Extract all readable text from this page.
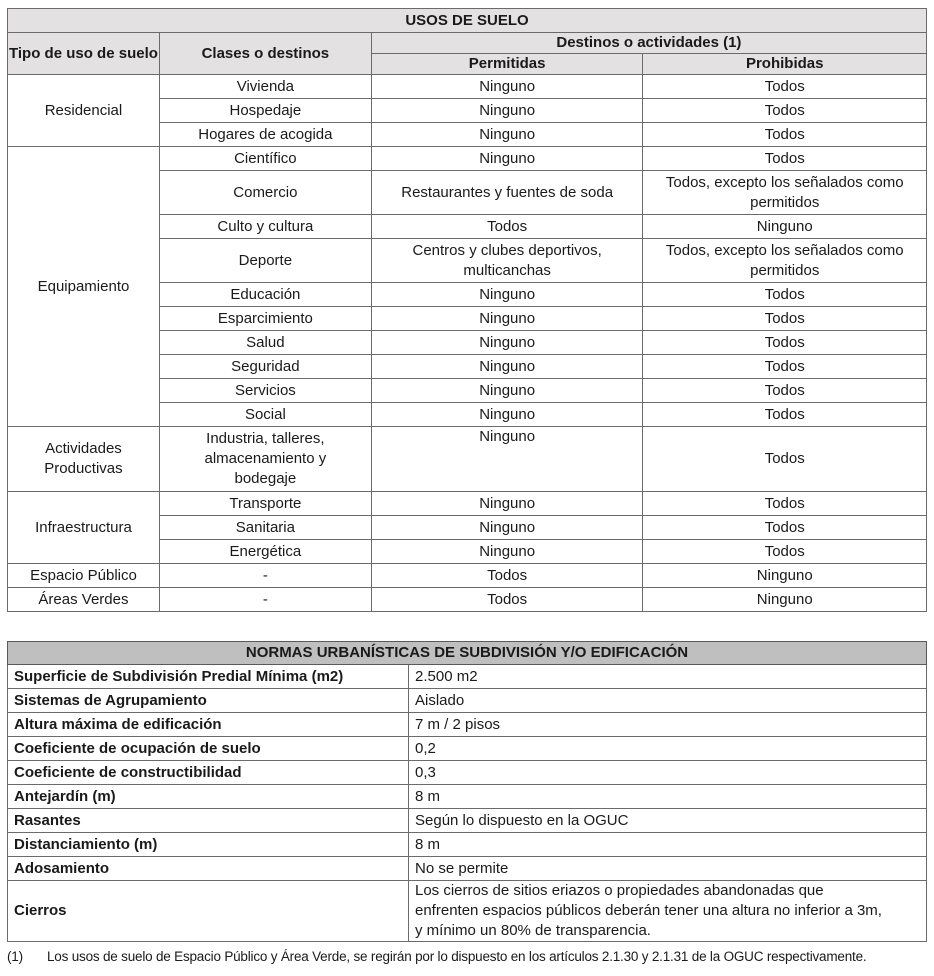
USOS DE SUELO			
Tipo de uso de suelo	Clases o destinos	Destinos o actividades (1)	
		Permitidas	Prohibidas
Residencial	Vivienda	Ninguno	Todos
	Hospedaje	Ninguno	Todos
	Hogares de acogida	Ninguno	Todos
Equipamiento	Científico	Ninguno	Todos
	Comercio	Restaurantes y fuentes de soda	Todos, excepto los señalados como permitidos
	Culto y cultura	Todos	Ninguno
	Deporte	Centros y clubes deportivos, multicanchas	Todos, excepto los señalados como permitidos
	Educación	Ninguno	Todos
	Esparcimiento	Ninguno	Todos
	Salud	Ninguno	Todos
	Seguridad	Ninguno	Todos
	Servicios	Ninguno	Todos
	Social	Ninguno	Todos
Actividades Productivas	Industria, talleres, almacenamiento y bodegaje	Ninguno	Todos
Infraestructura	Transporte	Ninguno	Todos
	Sanitaria	Ninguno	Todos
	Energética	Ninguno	Todos
Espacio Público	-	Todos	Ninguno
Áreas Verdes	-	Todos	Ninguno
NORMAS URBANÍSTICAS DE SUBDIVISIÓN Y/O EDIFICACIÓN	
Superficie de Subdivisión Predial Mínima (m2)	2.500 m2
Sistemas de Agrupamiento	Aislado
Altura máxima de edificación	7 m / 2 pisos
Coeficiente de ocupación de suelo	0,2
Coeficiente de constructibilidad	0,3
Antejardín (m)	8 m
Rasantes	Según lo dispuesto en la OGUC
Distanciamiento (m)	8 m
Adosamiento	No se permite
Cierros	Los cierros de sitios eriazos o propiedades abandonadas que enfrenten espacios públicos deberán tener una altura no inferior a 3m, y mínimo un 80% de transparencia.
(1) Los usos de suelo de Espacio Público y Área Verde, se regirán por lo dispuesto en los artículos 2.1.30 y 2.1.31 de la OGUC respectivamente.
